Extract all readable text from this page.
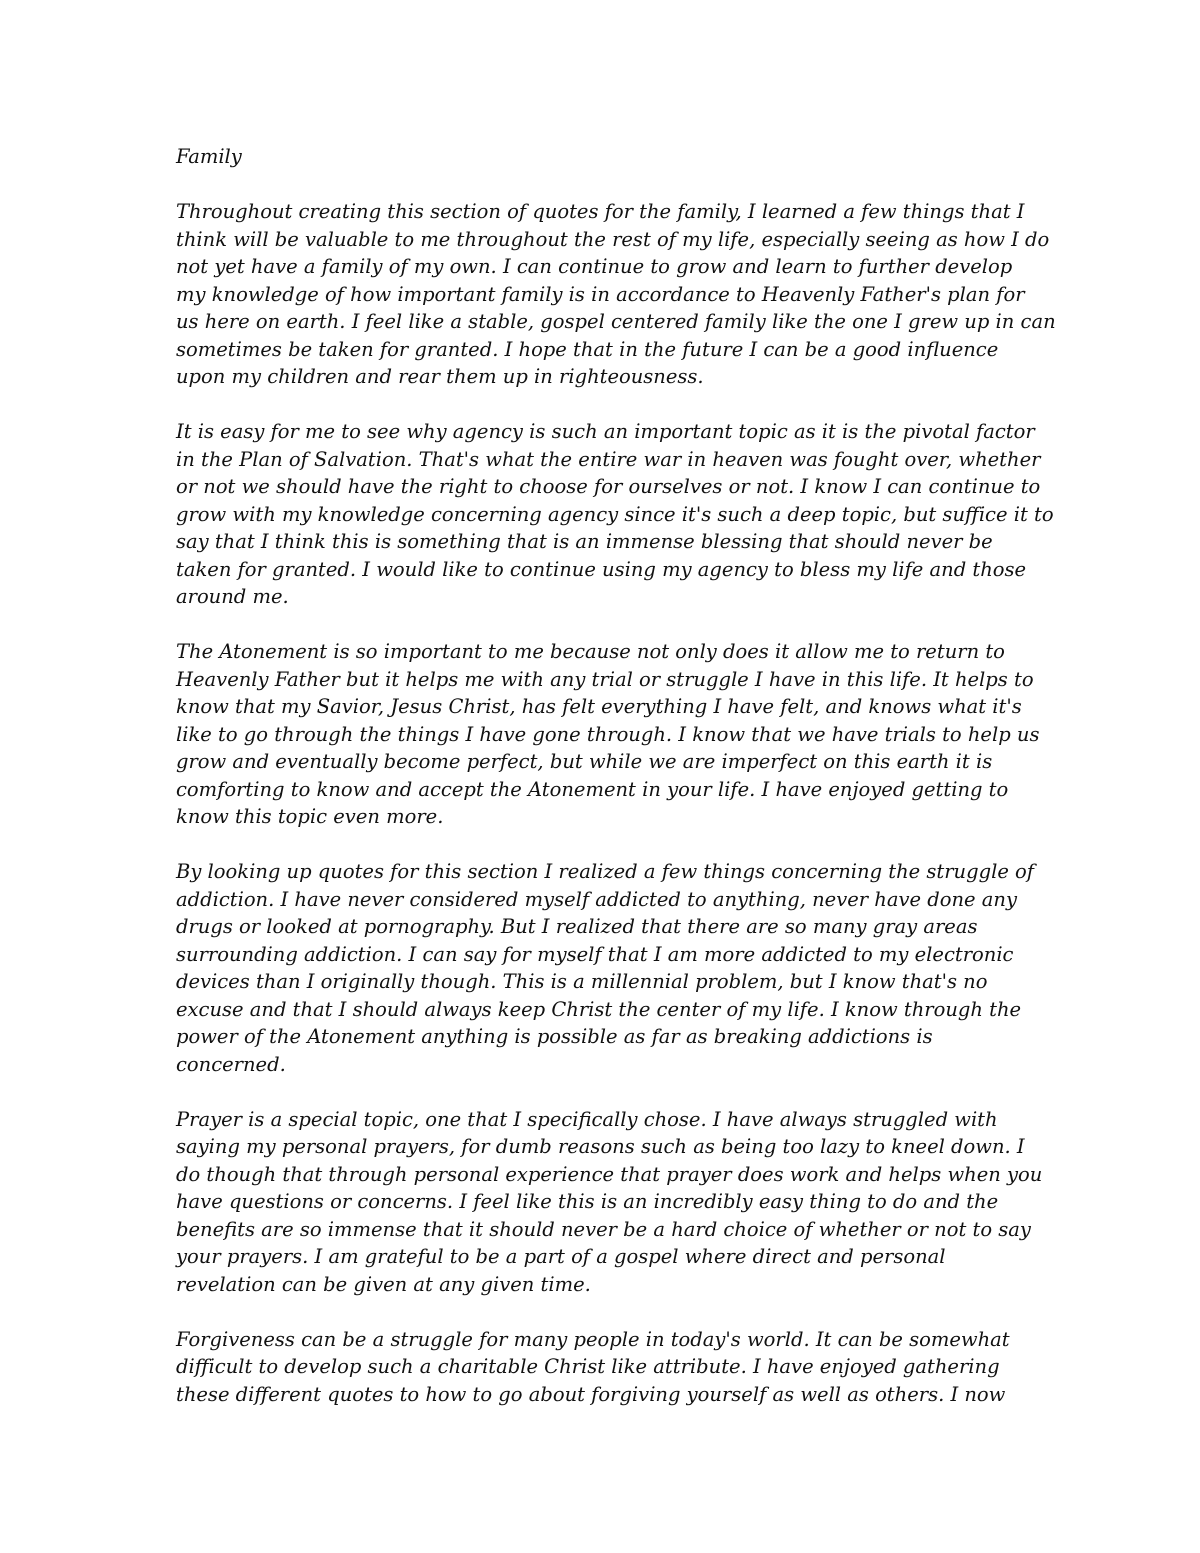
Family
Throughout creating this section of quotes for the family, I learned a few things that I
think will be valuable to me throughout the rest of my life, especially seeing as how I do
not yet have a family of my own. I can continue to grow and learn to further develop
my knowledge of how important family is in accordance to Heavenly Father's plan for
us here on earth. I feel like a stable, gospel centered family like the one I grew up in can
sometimes be taken for granted. I hope that in the future I can be a good influence
upon my children and rear them up in righteousness.
It is easy for me to see why agency is such an important topic as it is the pivotal factor
in the Plan of Salvation. That's what the entire war in heaven was fought over, whether
or not we should have the right to choose for ourselves or not. I know I can continue to
grow with my knowledge concerning agency since it's such a deep topic, but suffice it to
say that I think this is something that is an immense blessing that should never be
taken for granted. I would like to continue using my agency to bless my life and those
around me.
The Atonement is so important to me because not only does it allow me to return to
Heavenly Father but it helps me with any trial or struggle I have in this life. It helps to
know that my Savior, Jesus Christ, has felt everything I have felt, and knows what it's
like to go through the things I have gone through. I know that we have trials to help us
grow and eventually become perfect, but while we are imperfect on this earth it is
comforting to know and accept the Atonement in your life. I have enjoyed getting to
know this topic even more.
By looking up quotes for this section I realized a few things concerning the struggle of
addiction. I have never considered myself addicted to anything, never have done any
drugs or looked at pornography. But I realized that there are so many gray areas
surrounding addiction. I can say for myself that I am more addicted to my electronic
devices than I originally though. This is a millennial problem, but I know that's no
excuse and that I should always keep Christ the center of my life. I know through the
power of the Atonement anything is possible as far as breaking addictions is
concerned.
Prayer is a special topic, one that I specifically chose. I have always struggled with
saying my personal prayers, for dumb reasons such as being too lazy to kneel down. I
do though that through personal experience that prayer does work and helps when you
have questions or concerns. I feel like this is an incredibly easy thing to do and the
benefits are so immense that it should never be a hard choice of whether or not to say
your prayers. I am grateful to be a part of a gospel where direct and personal
revelation can be given at any given time.
Forgiveness can be a struggle for many people in today's world. It can be somewhat
difficult to develop such a charitable Christ like attribute. I have enjoyed gathering
these different quotes to how to go about forgiving yourself as well as others. I now
